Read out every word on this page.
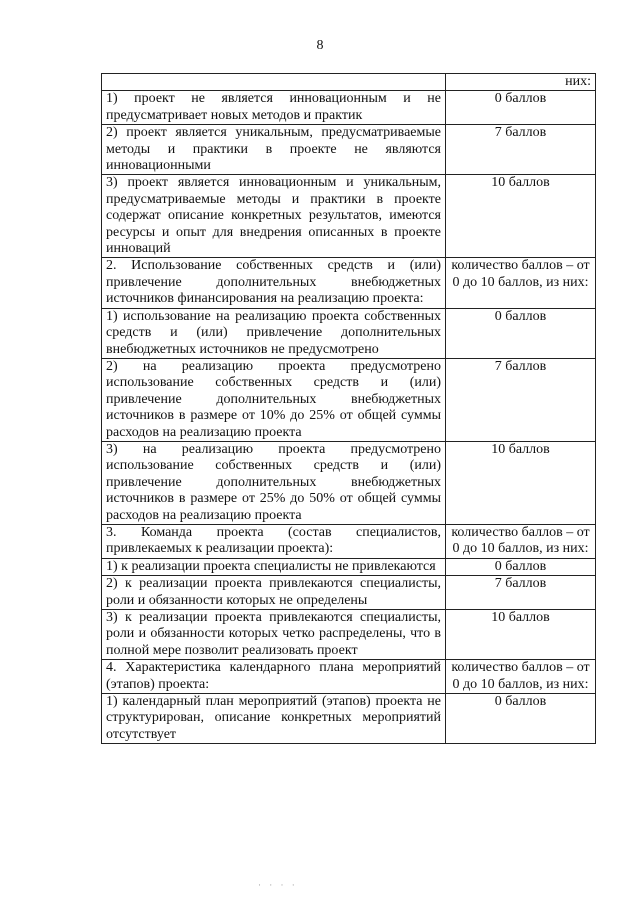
8
	них:
1) проект не является инновационным и не предусматривает новых методов и практик	0 баллов
2) проект является уникальным, предусматриваемые методы и практики в проекте не являются инновационными	7 баллов
3) проект является инновационным и уникальным, предусматриваемые методы и практики в проекте содержат описание конкретных результатов, имеются ресурсы и опыт для внедрения описанных в проекте инноваций	10 баллов
2. Использование собственных средств и (или) привлечение дополнительных внебюджетных источников финансирования на реализацию проекта:	количество баллов – от 0 до 10 баллов, из них:
1) использование на реализацию проекта собственных средств и (или) привлечение дополнительных внебюджетных источников не предусмотрено	0 баллов
2) на реализацию проекта предусмотрено использование собственных средств и (или) привлечение дополнительных внебюджетных источников в размере от 10% до 25% от общей суммы расходов на реализацию проекта	7 баллов
3) на реализацию проекта предусмотрено использование собственных средств и (или) привлечение дополнительных внебюджетных источников в размере от 25% до 50% от общей суммы расходов на реализацию проекта	10 баллов
3. Команда проекта (состав специалистов, привлекаемых к реализации проекта):	количество баллов – от 0 до 10 баллов, из них:
1) к реализации проекта специалисты не привлекаются	0 баллов
2) к реализации проекта привлекаются специалисты, роли и обязанности которых не определены	7 баллов
3) к реализации проекта привлекаются специалисты, роли и обязанности которых четко распределены, что в полной мере позволит реализовать проект	10 баллов
4. Характеристика календарного плана мероприятий (этапов) проекта:	количество баллов – от 0 до 10 баллов, из них:
1) календарный план мероприятий (этапов) проекта не структурирован, описание конкретных мероприятий отсутствует	0 баллов
· · · ·
